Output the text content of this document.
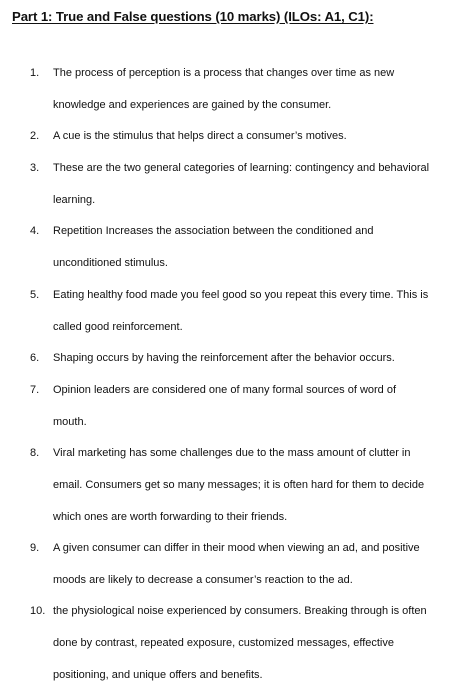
Part 1: True and False questions (10 marks) (ILOs: A1, C1):
1.	The process of perception is a process that changes over time as new
knowledge and experiences are gained by the consumer.
2.	A cue is the stimulus that helps direct a consumer’s motives.
3.	These are the two general categories of learning: contingency and behavioral
learning.
4.	Repetition Increases the association between the conditioned and
unconditioned stimulus.
5.	Eating healthy food made you feel good so you repeat this every time. This is
called good reinforcement.
6.	Shaping occurs by having the reinforcement after the behavior occurs.
7.	Opinion leaders are considered one of many formal sources of word of
mouth.
8.	Viral marketing has some challenges due to the mass amount of clutter in
email. Consumers get so many messages; it is often hard for them to decide
which ones are worth forwarding to their friends.
9.	A given consumer can differ in their mood when viewing an ad, and positive
moods are likely to decrease a consumer’s reaction to the ad.
10. the physiological noise experienced by consumers. Breaking through is often
done by contrast, repeated exposure, customized messages, effective
positioning, and unique offers and benefits.
